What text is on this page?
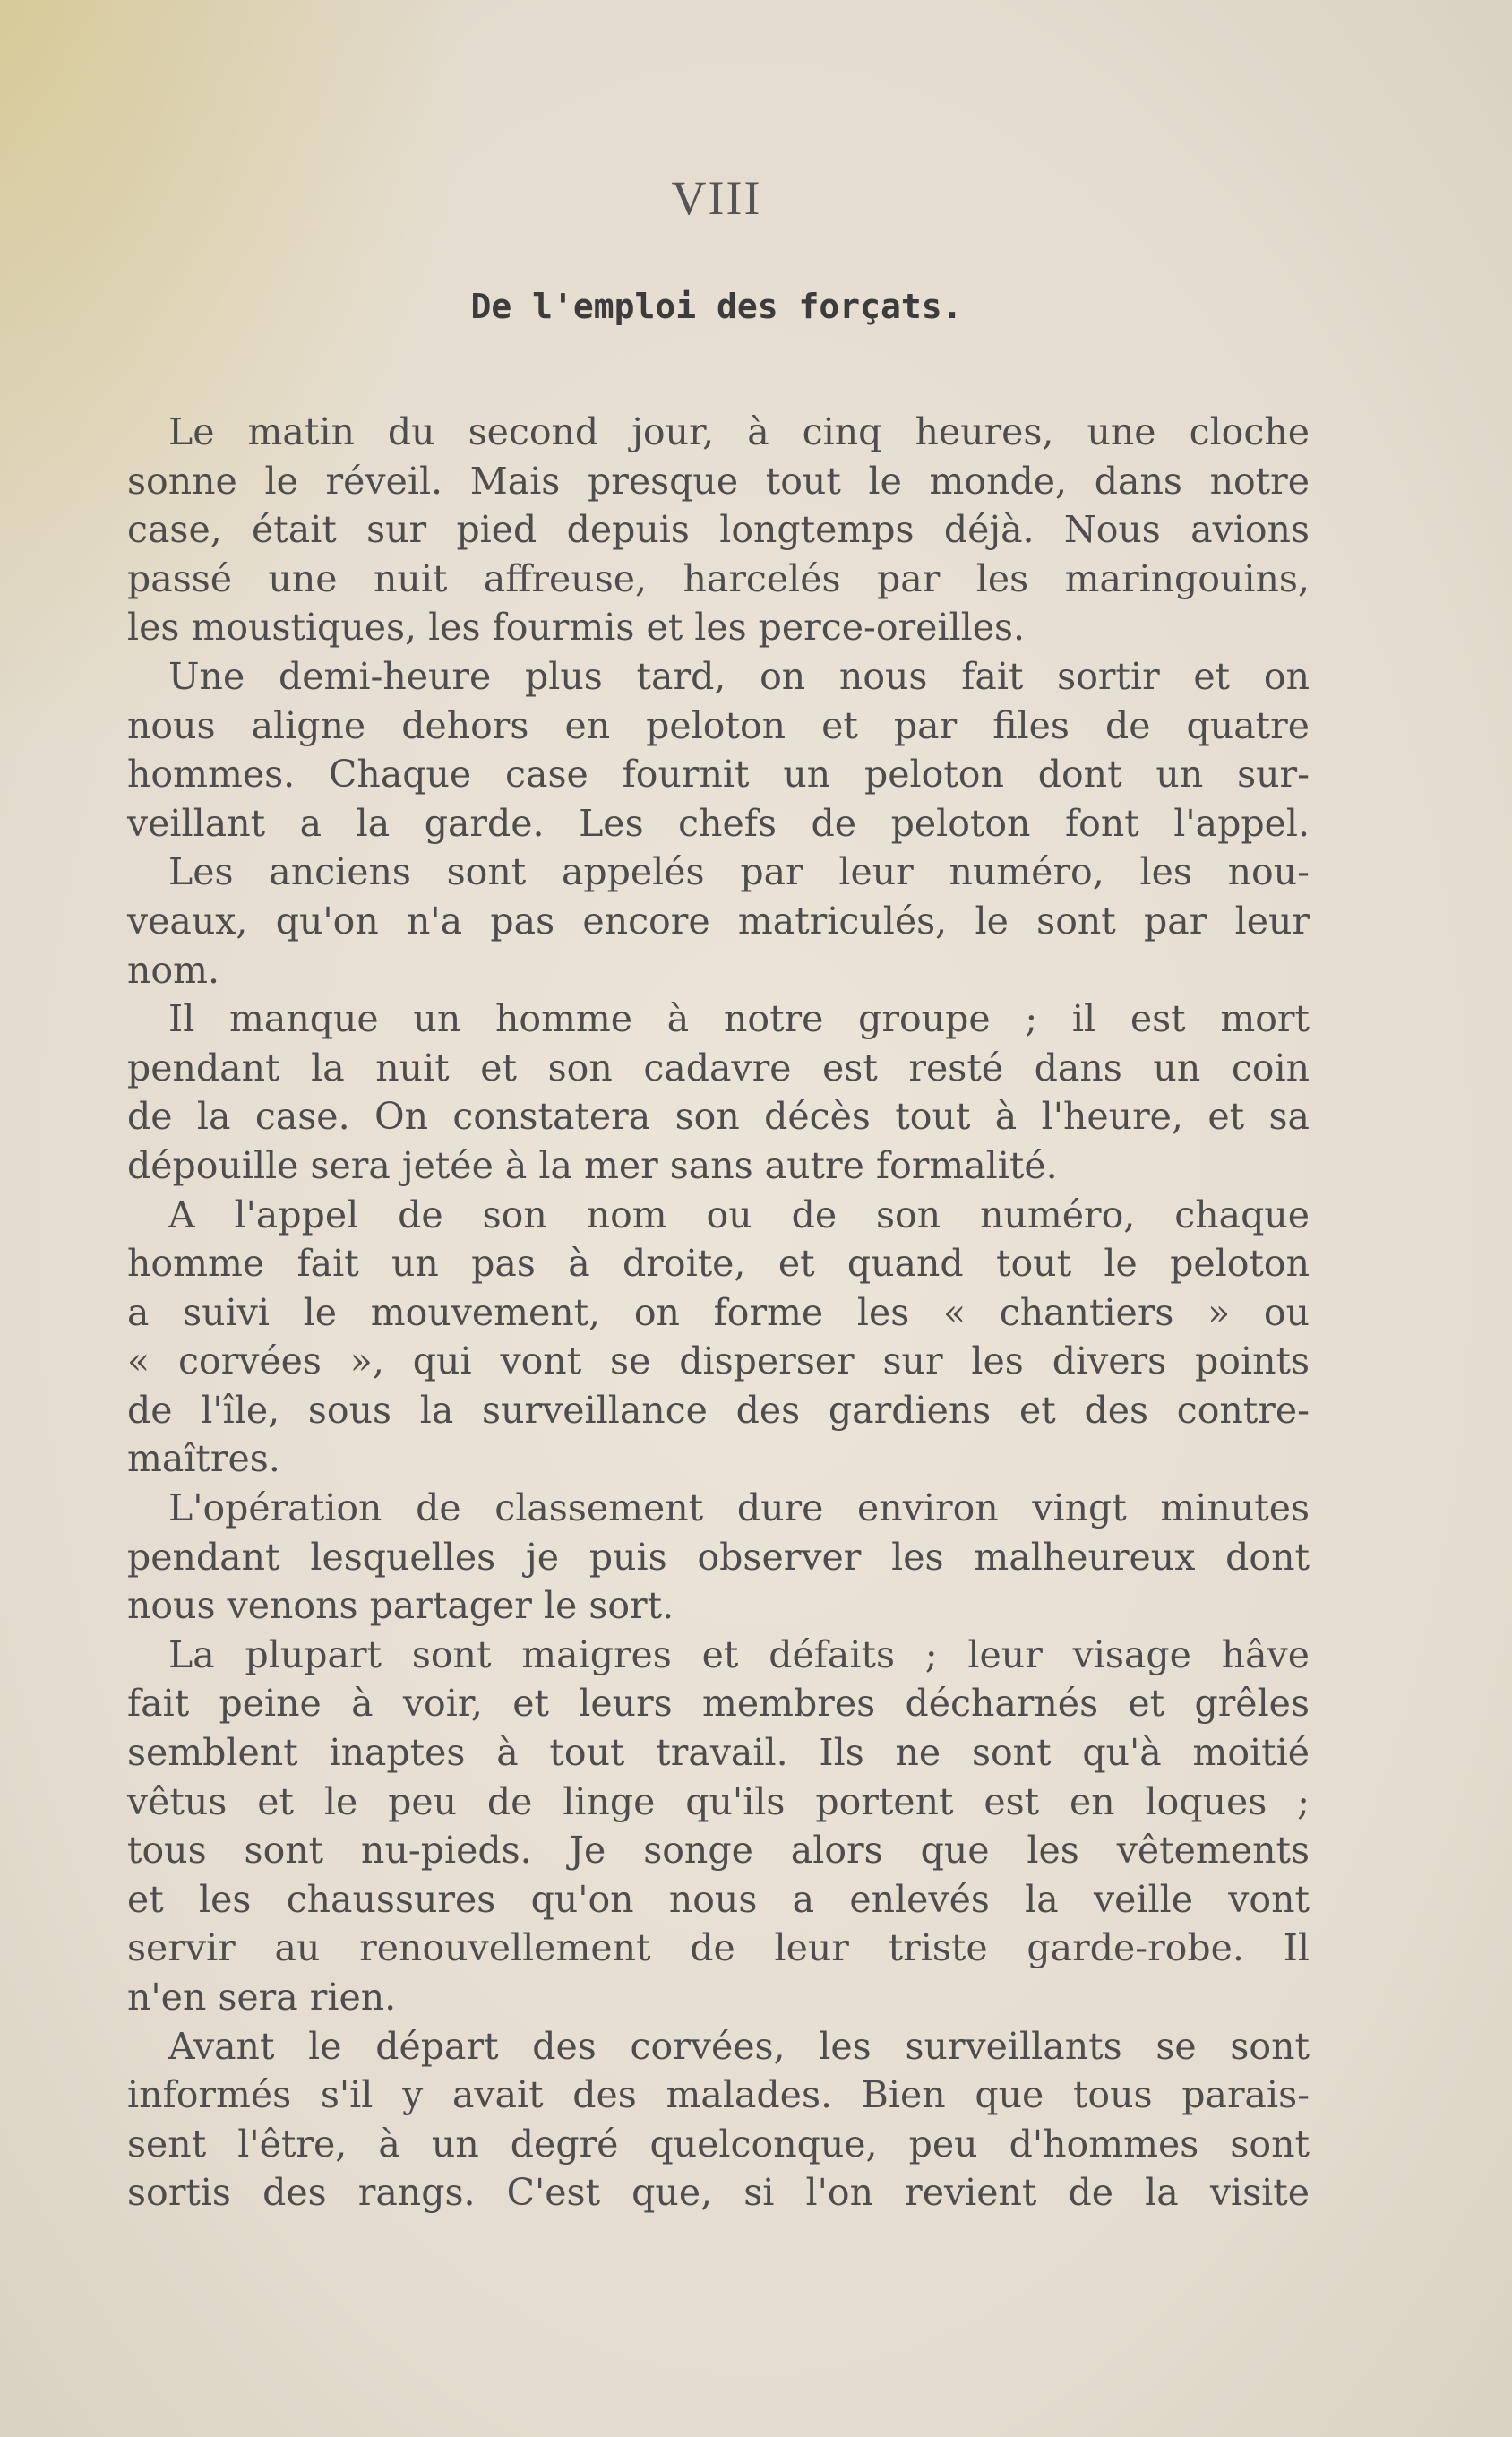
VIII
De l'emploi des forçats.
Le matin du second jour, à cinq heures, une cloche
sonne le réveil. Mais presque tout le monde, dans notre
case, était sur pied depuis longtemps déjà. Nous avions
passé une nuit affreuse, harcelés par les maringouins,
les moustiques, les fourmis et les perce-oreilles.
Une demi-heure plus tard, on nous fait sortir et on
nous aligne dehors en peloton et par files de quatre
hommes. Chaque case fournit un peloton dont un sur-
veillant a la garde. Les chefs de peloton font l'appel.
Les anciens sont appelés par leur numéro, les nou-
veaux, qu'on n'a pas encore matriculés, le sont par leur
nom.
Il manque un homme à notre groupe ; il est mort
pendant la nuit et son cadavre est resté dans un coin
de la case. On constatera son décès tout à l'heure, et sa
dépouille sera jetée à la mer sans autre formalité.
A l'appel de son nom ou de son numéro, chaque
homme fait un pas à droite, et quand tout le peloton
a suivi le mouvement, on forme les « chantiers » ou
« corvées », qui vont se disperser sur les divers points
de l'île, sous la surveillance des gardiens et des contre-
maîtres.
L'opération de classement dure environ vingt minutes
pendant lesquelles je puis observer les malheureux dont
nous venons partager le sort.
La plupart sont maigres et défaits ; leur visage hâve
fait peine à voir, et leurs membres décharnés et grêles
semblent inaptes à tout travail. Ils ne sont qu'à moitié
vêtus et le peu de linge qu'ils portent est en loques ;
tous sont nu-pieds. Je songe alors que les vêtements
et les chaussures qu'on nous a enlevés la veille vont
servir au renouvellement de leur triste garde-robe. Il
n'en sera rien.
Avant le départ des corvées, les surveillants se sont
informés s'il y avait des malades. Bien que tous parais-
sent l'être, à un degré quelconque, peu d'hommes sont
sortis des rangs. C'est que, si l'on revient de la visite
